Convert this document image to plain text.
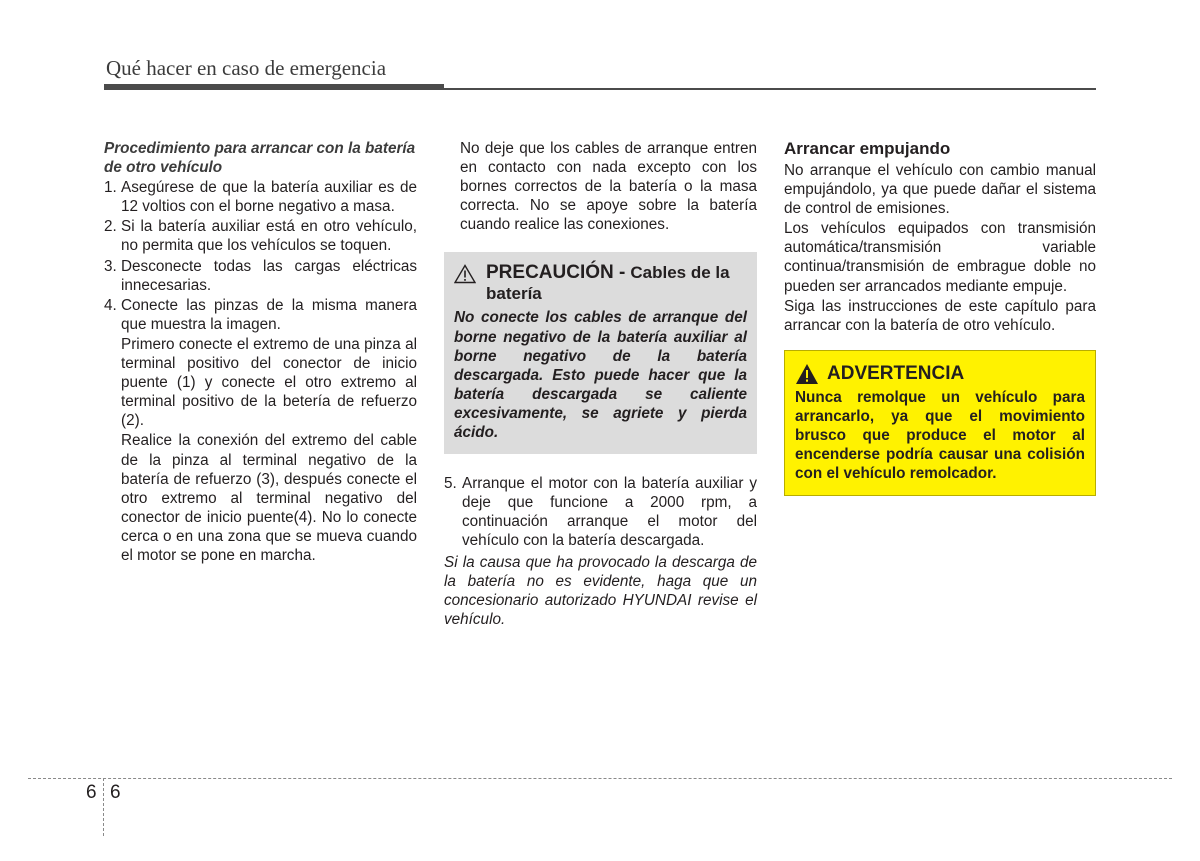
Qué hacer en caso de emergencia
Procedimiento para arrancar con la batería de otro vehículo
1. Asegúrese de que la batería auxiliar es de 12 voltios con el borne negativo a masa.
2. Si la batería auxiliar está en otro vehículo, no permita que los vehículos se toquen.
3. Desconecte todas las cargas eléctricas innecesarias.
4. Conecte las pinzas de la misma manera que muestra la imagen.
Primero conecte el extremo de una pinza al terminal positivo del conector de inicio puente (1) y conecte el otro extremo al terminal positivo de la betería de refuerzo (2).
Realice la conexión del extremo del cable de la pinza al terminal negativo de la batería de refuerzo (3), después conecte el otro extremo al terminal negativo del conector de inicio puente(4). No lo conecte cerca o en una zona que se mueva cuando el motor se pone en marcha.
No deje que los cables de arranque entren en contacto con nada excepto con los bornes correctos de la batería o la masa correcta. No se apoye sobre la batería cuando realice las conexiones.
PRECAUCIÓN - Cables de la batería
No conecte los cables de arranque del borne negativo de la batería auxiliar al borne negativo de la batería descargada. Esto puede hacer que la batería descargada se caliente excesivamente, se agriete y pierda ácido.
5. Arranque el motor con la batería auxiliar y deje que funcione a 2000 rpm, a continuación arranque el motor del vehículo con la batería descargada.
Si la causa que ha provocado la descarga de la batería no es evidente, haga que un concesionario autorizado HYUNDAI revise el vehículo.
Arrancar empujando

No arranque el vehículo con cambio manual empujándolo, ya que puede dañar el sistema de control de emisiones.

Los vehículos equipados con transmisión automática/transmisión variable continua/transmisión de embrague doble no pueden ser arrancados mediante empuje.

Siga las instrucciones de este capítulo para arrancar con la batería de otro vehículo.

ADVERTENCIA
Nunca remolque un vehículo para arrancarlo, ya que el movimiento brusco que produce el motor al encenderse podría causar una colisión con el vehículo remolcador.
6 6
